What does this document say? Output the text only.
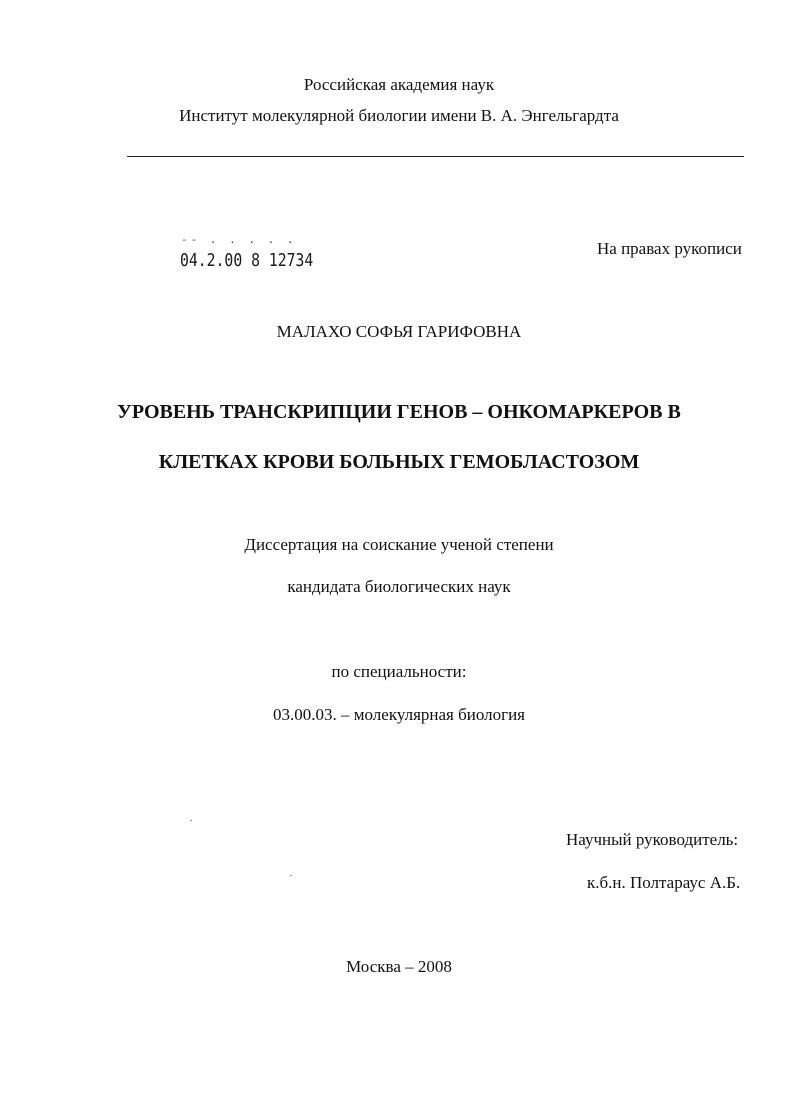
Российская академия наук
Институт молекулярной биологии имени В. А. Энгельгардта
-- . . . . .
04.2.00 8 12734
На правах рукописи
МАЛАХО СОФЬЯ ГАРИФОВНА
УРОВЕНЬ ТРАНСКРИПЦИИ ГЕНОВ – ОНКОМАРКЕРОВ В
КЛЕТКАХ КРОВИ БОЛЬНЫХ ГЕМОБЛАСТОЗОМ
Диссертация на соискание ученой степени
кандидата биологических наук
по специальности:
03.00.03. – молекулярная биология
Научный руководитель:
к.б.н. Полтараус А.Б.
Москва – 2008
